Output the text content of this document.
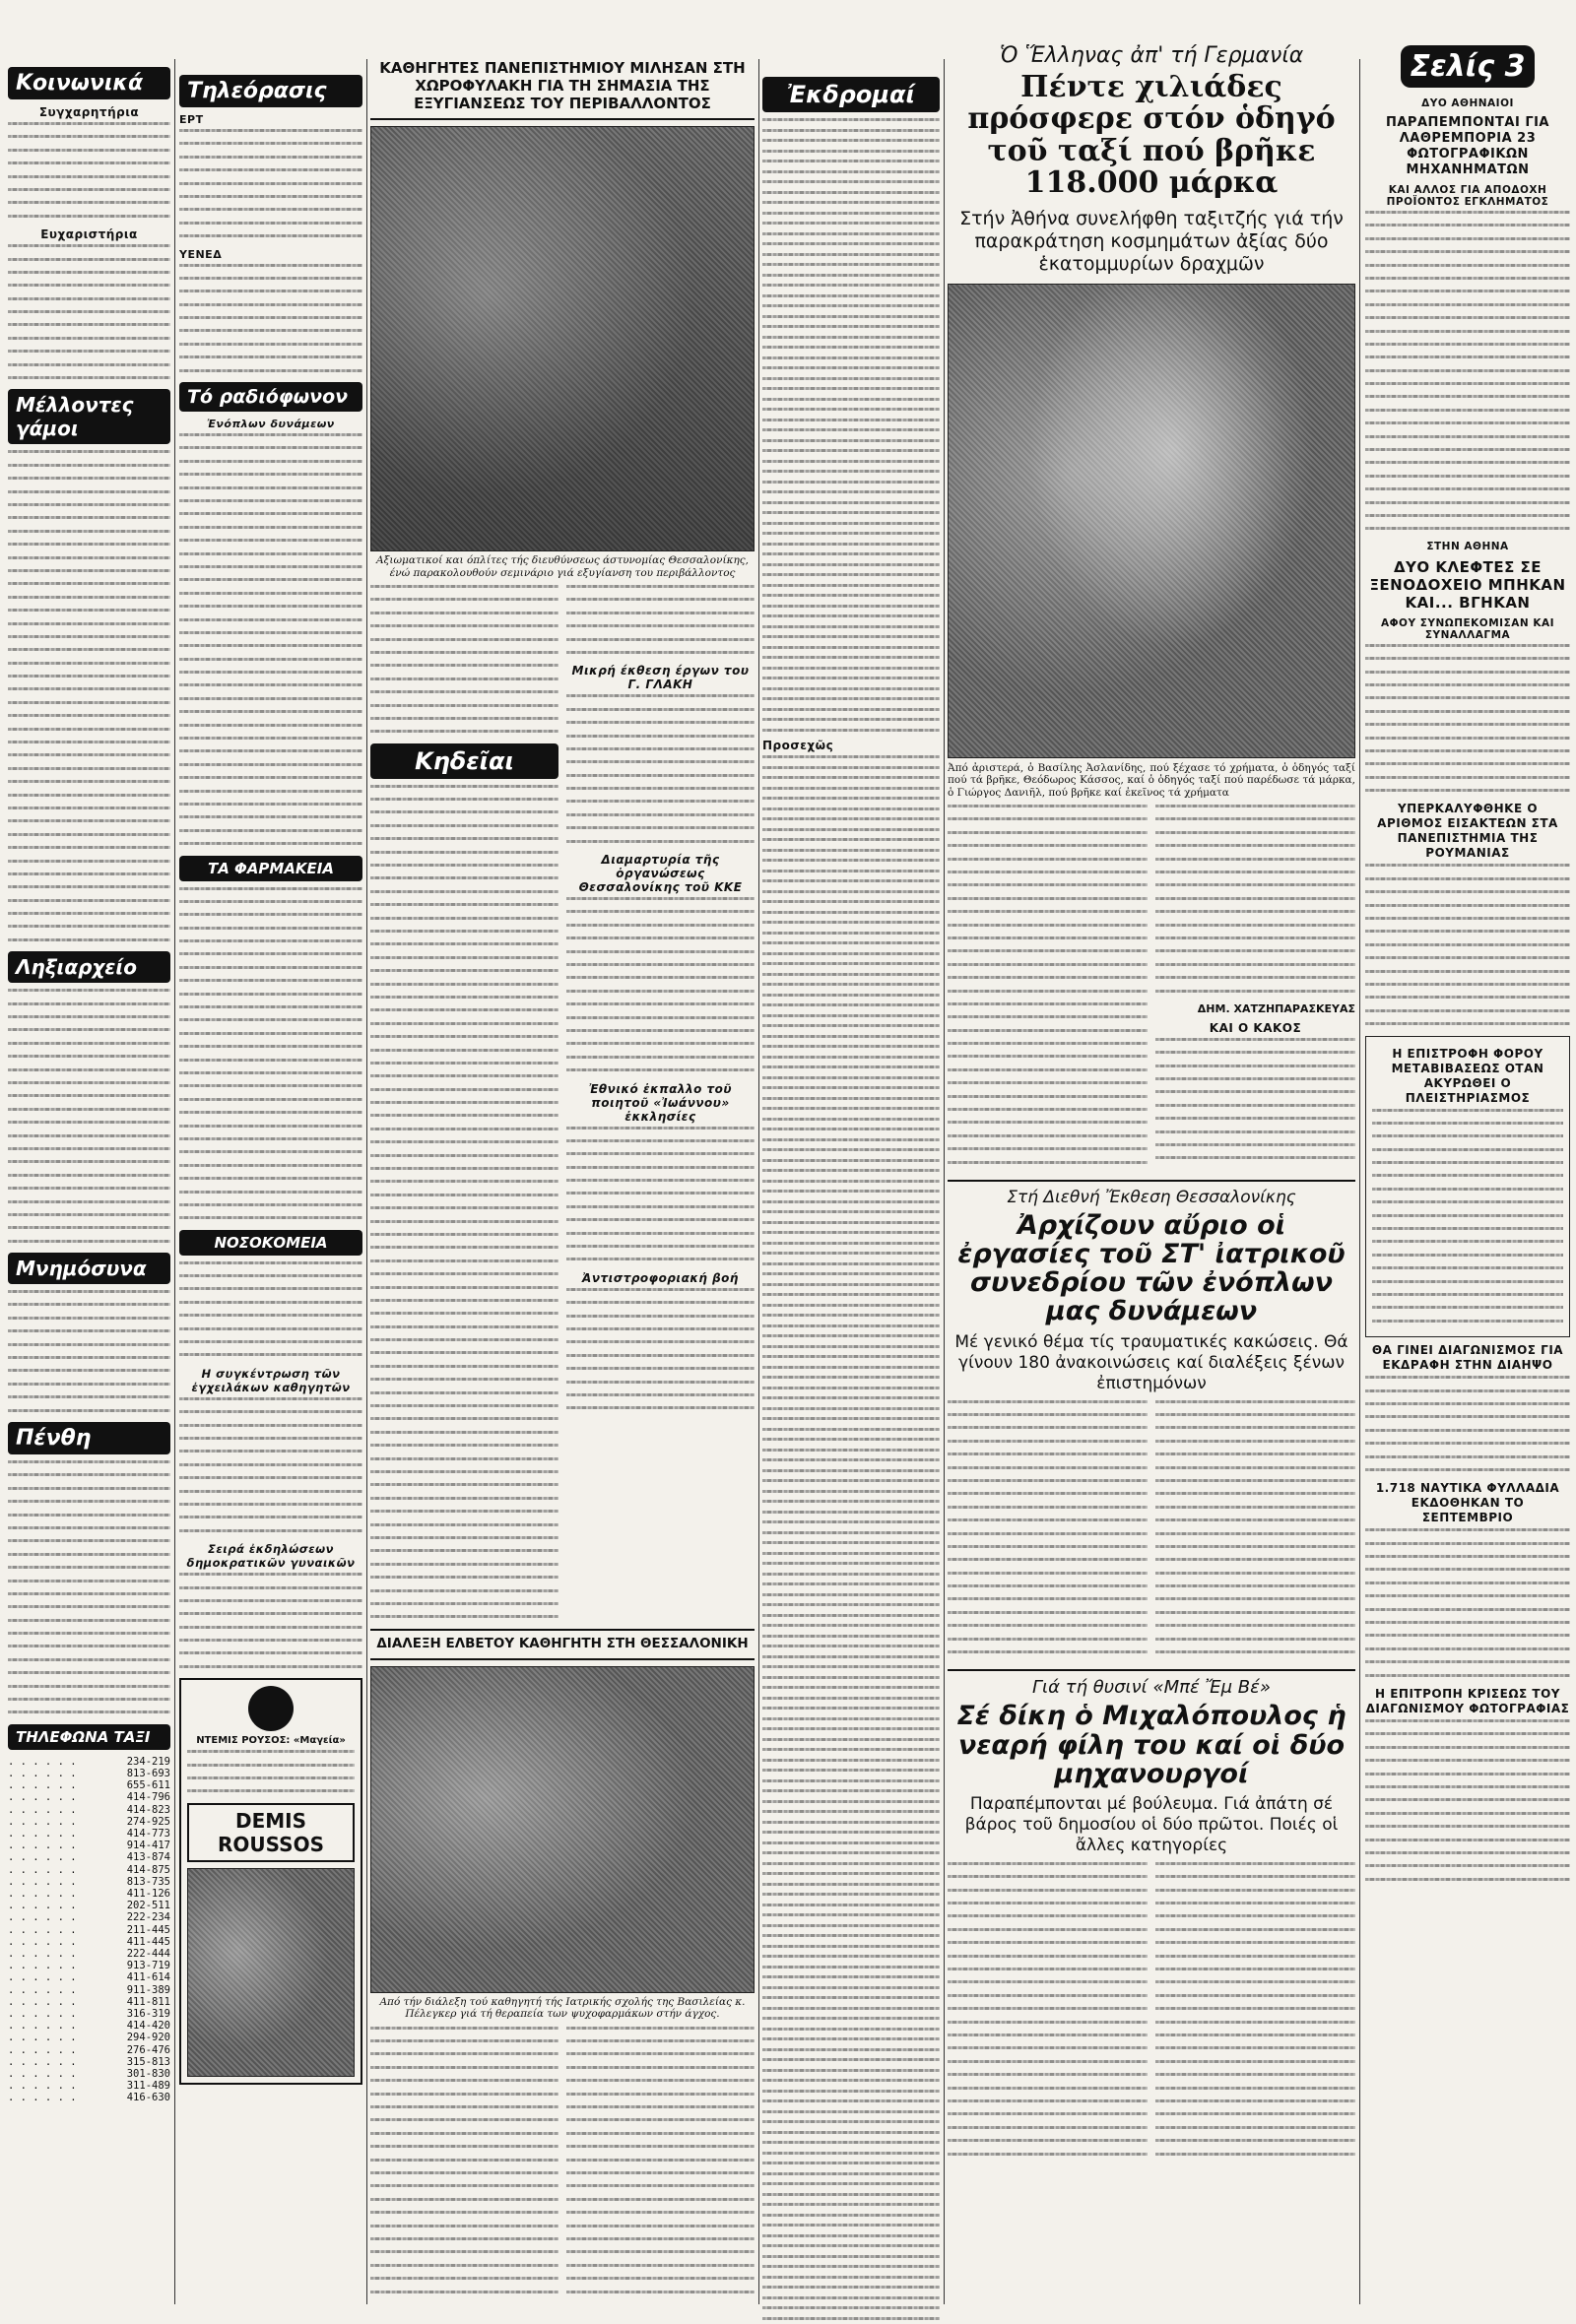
Κοινωνικά
Συγχαρητήρια
Ευχαριστήρια
Μέλλοντες γάμοι
Ληξιαρχείο
Μνημόσυνα
Πένθη
ΤΗΛΕΦΩΝΑ ΤΑΞΙ
. . . . . .	234-219
. . . . . .	813-693
. . . . . .	655-611
. . . . . .	414-796
. . . . . .	414-823
. . . . . .	274-925
. . . . . .	414-773
. . . . . .	914-417
. . . . . .	413-874
. . . . . .	414-875
. . . . . .	813-735
. . . . . .	411-126
. . . . . .	202-511
. . . . . .	222-234
. . . . . .	211-445
. . . . . .	411-445
. . . . . .	222-444
. . . . . .	913-719
. . . . . .	411-614
. . . . . .	911-389
. . . . . .	411-811
. . . . . .	316-319
. . . . . .	414-420
. . . . . .	294-920
. . . . . .	276-476
. . . . . .	315-813
. . . . . .	301-830
. . . . . .	311-489
. . . . . .	416-630
Τηλεόρασις
ΕΡΤ
ΥΕΝΕΔ
Τό ραδιόφωνον
Ἐνόπλων δυνάμεων
ΤΑ ΦΑΡΜΑΚΕΙΑ
ΝΟΣΟΚΟΜΕΙΑ
Η συγκέντρωση τῶν ἐγχειλάκων καθηγητῶν
Σειρά ἐκδηλώσεων δημοκρατικῶν γυναικῶν
ΝΤΕΜΙΣ ΡΟΥΣΟΣ: «Μαγεία»
DEMIS ROUSSOS
ΚΑΘΗΓΗΤΕΣ ΠΑΝΕΠΙΣΤΗΜΙΟΥ ΜΙΛΗΣΑΝ ΣΤΗ ΧΩΡΟΦΥΛΑΚΗ ΓΙΑ ΤΗ ΣΗΜΑΣΙΑ ΤΗΣ ΕΞΥΓΙΑΝΣΕΩΣ ΤΟΥ ΠΕΡΙΒΑΛΛΟΝΤΟΣ
Αξιωματικοί και όπλίτες τής διευθύνσεως άστυνομίας Θεσσαλονίκης, ένώ παρακολουθούν σεμινάριο γιά εξυγίανση του περιβάλλοντος
Κηδεῖαι
Μικρή έκθεση έργων του Γ. ΓΛΑΚΗ
Διαμαρτυρία τῆς ὀργανώσεως Θεσσαλονίκης τοῦ ΚΚΕ
Ἐθνικό ἐκπαλλο τοῦ ποιητοῦ «Ἰωάννου» ἐκκλησίες
Ἀντιστροφοριακή βοή
ΔΙΑΛΕΞΗ ΕΛΒΕΤΟΥ ΚΑΘΗΓΗΤΗ ΣΤΗ ΘΕΣΣΑΛΟΝΙΚΗ
Από τήν διάλεξη τού καθηγητή τής Ιατρικής σχολής της Βασιλείας κ. Πέλεγκερ γιά τή θεραπεία των ψυχοφαρμάκων στήν άγχος.
Ἐκδρομαί
Προσεχῶς
Ὁ Ἕλληνας ἀπ' τή Γερμανία
Πέντε χιλιάδες πρόσφερε στόν ὁδηγό τοῦ ταξί πού βρῆκε 118.000 μάρκα
Στήν Ἀθήνα συνελήφθη ταξιτζής γιά τήν παρακράτηση κοσμημάτων ἀξίας δύο ἑκατομμυρίων δραχμῶν
Ἀπό ἀριστερά, ὁ Βασίλης Ἀσλανίδης, πού ξέχασε τό χρήματα, ὁ ὁδηγός ταξί πού τά βρῆκε, Θεόδωρος Κάσσος, καί ὁ ὁδηγός ταξί πού παρέδωσε τά μάρκα, ὁ Γιώργος Δανιῆλ, πού βρῆκε καί ἐκεῖνος τά χρήματα
ΔΗΜ. ΧΑΤΖΗΠΑΡΑΣΚΕΥΑΣ
ΚΑΙ Ο ΚΑΚΟΣ
Στή Διεθνή Ἔκθεση Θεσσαλονίκης
Ἀρχίζουν αὔριο οἱ ἐργασίες τοῦ ΣΤ' ἰατρικοῦ συνεδρίου τῶν ἐνόπλων μας δυνάμεων
Μέ γενικό θέμα τίς τραυματικές κακώσεις. Θά γίνουν 180 ἀνακοινώσεις καί διαλέξεις ξένων ἐπιστημόνων
Γιά τή θυσινί «Μπέ Ἔμ Βέ»
Σέ δίκη ὁ Μιχαλόπουλος ἡ νεαρή φίλη του καί οἱ δύο μηχανουργοί
Παραπέμπονται μέ βούλευμα. Γιά ἀπάτη σέ βάρος τοῦ δημοσίου οἱ δύο πρῶτοι. Ποιές οἱ ἄλλες κατηγορίες
Σελίς 3
ΔΥΟ ΑΘΗΝΑΙΟΙ
ΠΑΡΑΠΕΜΠΟΝΤΑΙ ΓΙΑ ΛΑΘΡΕΜΠΟΡΙΑ 23 ΦΩΤΟΓΡΑΦΙΚΩΝ ΜΗΧΑΝΗΜΑΤΩΝ
ΚΑΙ ΑΛΛΟΣ ΓΙΑ ΑΠΟΔΟΧΗ ΠΡΟΪΟΝΤΟΣ ΕΓΚΛΗΜΑΤΟΣ
ΣΤΗΝ ΑΘΗΝΑ
ΔΥΟ ΚΛΕΦΤΕΣ ΣΕ ΞΕΝΟΔΟΧΕΙΟ ΜΠΗΚΑΝ ΚΑΙ... ΒΓΗΚΑΝ
ΑΦΟΥ ΣΥΝΩΠΕΚΟΜΙΣΑΝ ΚΑΙ ΣΥΝΑΛΛΑΓΜΑ
ΥΠΕΡΚΑΛΥΦΘΗΚΕ Ο ΑΡΙΘΜΟΣ ΕΙΣΑΚΤΕΩΝ ΣΤΑ ΠΑΝΕΠΙΣΤΗΜΙΑ ΤΗΣ ΡΟΥΜΑΝΙΑΣ
Η ΕΠΙΣΤΡΟΦΗ ΦΟΡΟΥ ΜΕΤΑΒΙΒΑΣΕΩΣ ΟΤΑΝ ΑΚΥΡΩΘΕΙ Ο ΠΛΕΙΣΤΗΡΙΑΣΜΟΣ
ΘΑ ΓΙΝΕΙ ΔΙΑΓΩΝΙΣΜΟΣ ΓΙΑ ΕΚΔΡΑΦΗ ΣΤΗΝ ΔΙΑΗΨΟ
1.718 ΝΑΥΤΙΚΑ ΦΥΛΛΑΔΙΑ ΕΚΔΟΘΗΚΑΝ ΤΟ ΣΕΠΤΕΜΒΡΙΟ
Η ΕΠΙΤΡΟΠΗ ΚΡΙΣΕΩΣ ΤΟΥ ΔΙΑΓΩΝΙΣΜΟΥ ΦΩΤΟΓΡΑΦΙΑΣ
